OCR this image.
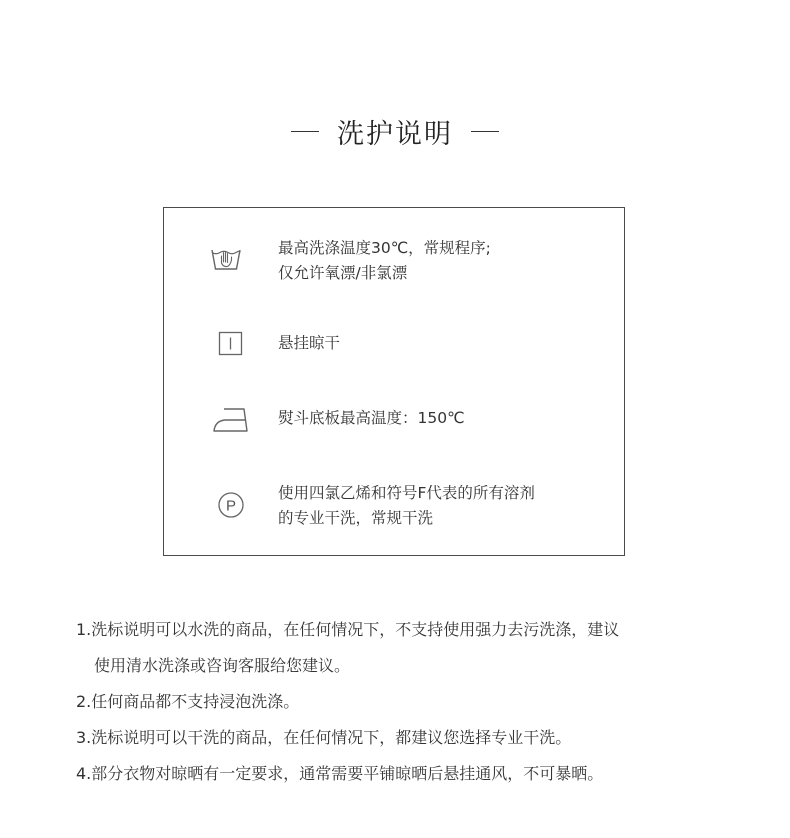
洗护说明
最高洗涤温度30℃，常规程序;
仅允许氧漂/非氯漂
悬挂晾干
熨斗底板最高温度：150℃
P
使用四氯乙烯和符号F代表的所有溶剂
的专业干洗，常规干洗
1.洗标说明可以水洗的商品，在任何情况下，不支持使用强力去污洗涤，建议
使用清水洗涤或咨询客服给您建议。
2.任何商品都不支持浸泡洗涤。
3.洗标说明可以干洗的商品，在任何情况下，都建议您选择专业干洗。
4.部分衣物对晾晒有一定要求，通常需要平铺晾晒后悬挂通风，不可暴晒。
